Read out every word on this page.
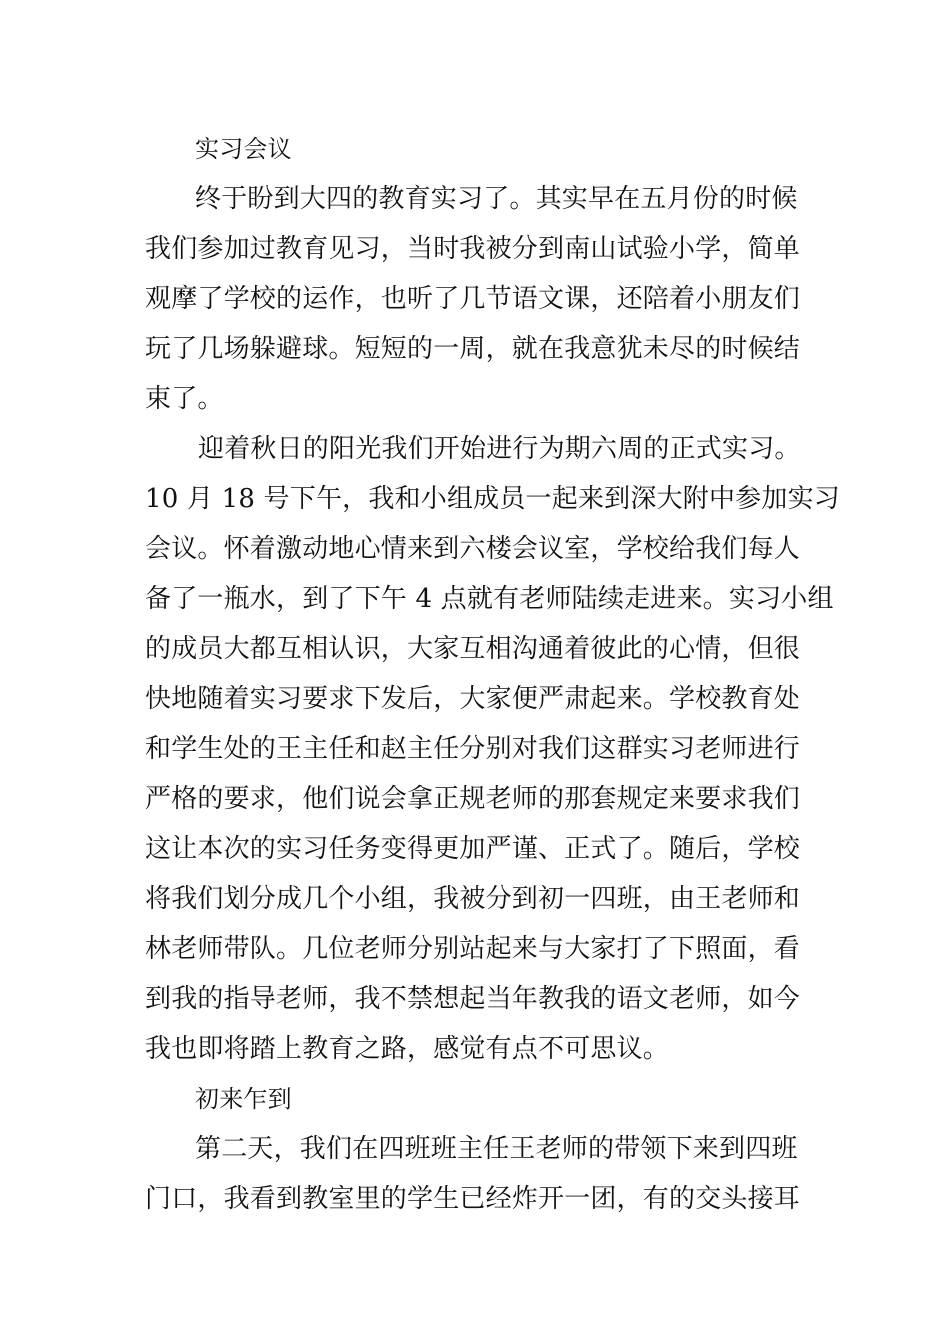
实习会议
终于盼到大四的教育实习了。其实早在五月份的时候
我们参加过教育见习，当时我被分到南山试验小学，简单
观摩了学校的运作，也听了几节语文课，还陪着小朋友们
玩了几场躲避球。短短的一周，就在我意犹未尽的时候结
束了。
迎着秋日的阳光我们开始进行为期六周的正式实习。
10 月 18 号下午，我和小组成员一起来到深大附中参加实习
会议。怀着激动地心情来到六楼会议室，学校给我们每人
备了一瓶水，到了下午 4 点就有老师陆续走进来。实习小组
的成员大都互相认识，大家互相沟通着彼此的心情，但很
快地随着实习要求下发后，大家便严肃起来。学校教育处
和学生处的王主任和赵主任分别对我们这群实习老师进行
严格的要求，他们说会拿正规老师的那套规定来要求我们
这让本次的实习任务变得更加严谨、正式了。随后，学校
将我们划分成几个小组，我被分到初一四班，由王老师和
林老师带队。几位老师分别站起来与大家打了下照面，看
到我的指导老师，我不禁想起当年教我的语文老师，如今
我也即将踏上教育之路，感觉有点不可思议。
初来乍到
第二天，我们在四班班主任王老师的带领下来到四班
门口，我看到教室里的学生已经炸开一团，有的交头接耳
